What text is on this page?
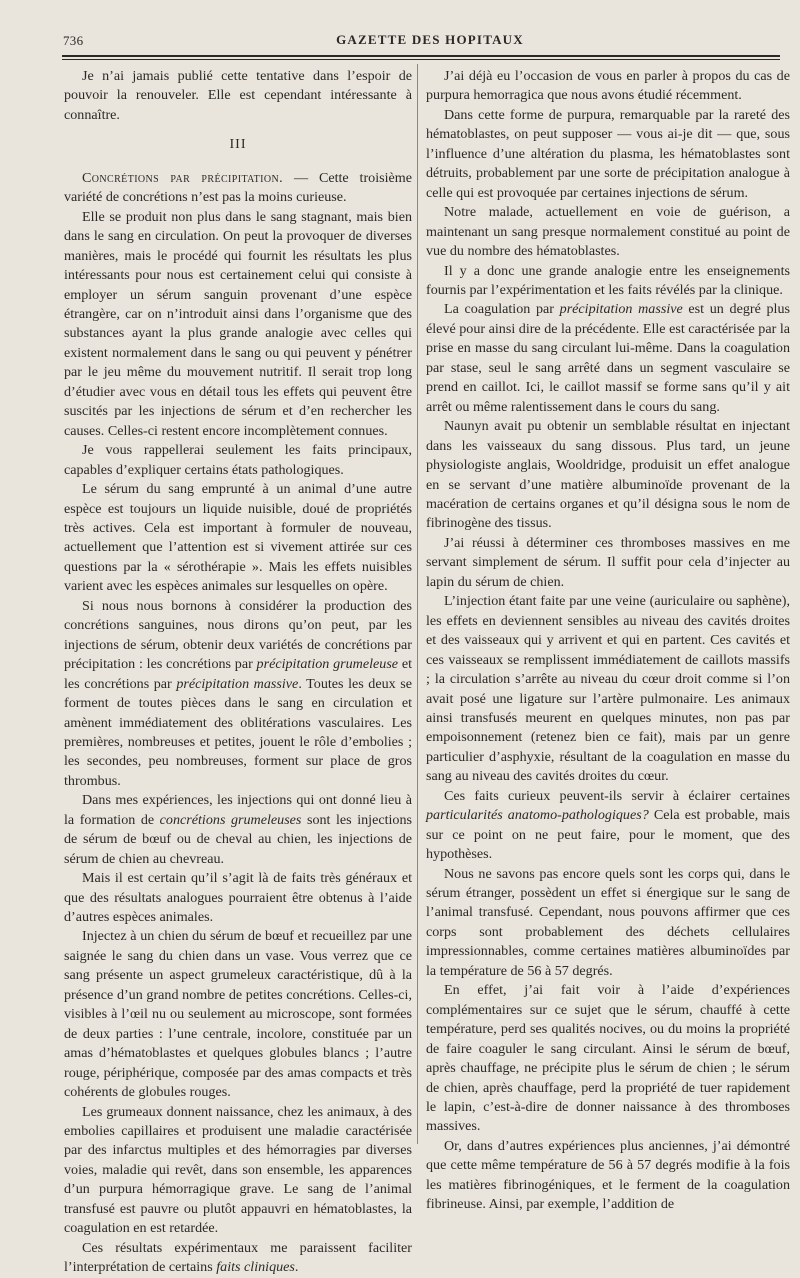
736	GAZETTE DES HOPITAUX

Je n’ai jamais publié cette tentative dans l’espoir de pouvoir la renouveler. Elle est cependant intéressante à connaître.

III

Concrétions par précipitation. — Cette troisième variété de concrétions n’est pas la moins curieuse.

Elle se produit non plus dans le sang stagnant, mais bien dans le sang en circulation. On peut la provoquer de diverses manières, mais le procédé qui fournit les résultats les plus intéressants pour nous est certainement celui qui consiste à employer un sérum sanguin provenant d’une espèce étrangère, car on n’introduit ainsi dans l’organisme que des substances ayant la plus grande analogie avec celles qui existent normalement dans le sang ou qui peuvent y pénétrer par le jeu même du mouvement nutritif. Il serait trop long d’étudier avec vous en détail tous les effets qui peuvent être suscités par les injections de sérum et d’en rechercher les causes. Celles-ci restent encore incomplètement connues.

Je vous rappellerai seulement les faits principaux, capables d’expliquer certains états pathologiques.

Le sérum du sang emprunté à un animal d’une autre espèce est toujours un liquide nuisible, doué de propriétés très actives. Cela est important à formuler de nouveau, actuellement que l’attention est si vivement attirée sur ces questions par la « sérothérapie ». Mais les effets nuisibles varient avec les espèces animales sur lesquelles on opère.

Si nous nous bornons à considérer la production des concrétions sanguines, nous dirons qu’on peut, par les injections de sérum, obtenir deux variétés de concrétions par précipitation : les concrétions par précipitation grumeleuse et les concrétions par précipitation massive. Toutes les deux se forment de toutes pièces dans le sang en circulation et amènent immédiatement des oblitérations vasculaires. Les premières, nombreuses et petites, jouent le rôle d’embolies ; les secondes, peu nombreuses, forment sur place de gros thrombus.

Dans mes expériences, les injections qui ont donné lieu à la formation de concrétions grumeleuses sont les injections de sérum de bœuf ou de cheval au chien, les injections de sérum de chien au chevreau.

Mais il est certain qu’il s’agit là de faits très généraux et que des résultats analogues pourraient être obtenus à l’aide d’autres espèces animales.

Injectez à un chien du sérum de bœuf et recueillez par une saignée le sang du chien dans un vase. Vous verrez que ce sang présente un aspect grumeleux caractéristique, dû à la présence d’un grand nombre de petites concrétions. Celles-ci, visibles à l’œil nu ou seulement au microscope, sont formées de deux parties : l’une centrale, incolore, constituée par un amas d’hématoblastes et quelques globules blancs ; l’autre rouge, périphérique, composée par des amas compacts et très cohérents de globules rouges.

Les grumeaux donnent naissance, chez les animaux, à des embolies capillaires et produisent une maladie caractérisée par des infarctus multiples et des hémorragies par diverses voies, maladie qui revêt, dans son ensemble, les apparences d’un purpura hémorragique grave. Le sang de l’animal transfusé est pauvre ou plutôt appauvri en hématoblastes, la coagulation en est retardée.

Ces résultats expérimentaux me paraissent faciliter l’interprétation de certains faits cliniques.

J’ai déjà eu l’occasion de vous en parler à propos du cas de purpura hemorragica que nous avons étudié récemment.

Dans cette forme de purpura, remarquable par la rareté des hématoblastes, on peut supposer — vous ai-je dit — que, sous l’influence d’une altération du plasma, les hématoblastes sont détruits, probablement par une sorte de précipitation analogue à celle qui est provoquée par certaines injections de sérum.

Notre malade, actuellement en voie de guérison, a maintenant un sang presque normalement constitué au point de vue du nombre des hématoblastes.

Il y a donc une grande analogie entre les enseignements fournis par l’expérimentation et les faits révélés par la clinique.

La coagulation par précipitation massive est un degré plus élevé pour ainsi dire de la précédente. Elle est caractérisée par la prise en masse du sang circulant lui-même. Dans la coagulation par stase, seul le sang arrêté dans un segment vasculaire se prend en caillot. Ici, le caillot massif se forme sans qu’il y ait arrêt ou même ralentissement dans le cours du sang.

Naunyn avait pu obtenir un semblable résultat en injectant dans les vaisseaux du sang dissous. Plus tard, un jeune physiologiste anglais, Wooldridge, produisit un effet analogue en se servant d’une matière albuminoïde provenant de la macération de certains organes et qu’il désigna sous le nom de fibrinogène des tissus.

J’ai réussi à déterminer ces thromboses massives en me servant simplement de sérum. Il suffit pour cela d’injecter au lapin du sérum de chien.

L’injection étant faite par une veine (auriculaire ou saphène), les effets en deviennent sensibles au niveau des cavités droites et des vaisseaux qui y arrivent et qui en partent. Ces cavités et ces vaisseaux se remplissent immédiatement de caillots massifs ; la circulation s’arrête au niveau du cœur droit comme si l’on avait posé une ligature sur l’artère pulmonaire. Les animaux ainsi transfusés meurent en quelques minutes, non pas par empoisonnement (retenez bien ce fait), mais par un genre particulier d’asphyxie, résultant de la coagulation en masse du sang au niveau des cavités droites du cœur.

Ces faits curieux peuvent-ils servir à éclairer certaines particularités anatomo-pathologiques? Cela est probable, mais sur ce point on ne peut faire, pour le moment, que des hypothèses.

Nous ne savons pas encore quels sont les corps qui, dans le sérum étranger, possèdent un effet si énergique sur le sang de l’animal transfusé. Cependant, nous pouvons affirmer que ces corps sont probablement des déchets cellulaires impressionnables, comme certaines matières albuminoïdes par la température de 56 à 57 degrés.

En effet, j’ai fait voir à l’aide d’expériences complémentaires sur ce sujet que le sérum, chauffé à cette température, perd ses qualités nocives, ou du moins la propriété de faire coaguler le sang circulant. Ainsi le sérum de bœuf, après chauffage, ne précipite plus le sérum de chien ; le sérum de chien, après chauffage, perd la propriété de tuer rapidement le lapin, c’est-à-dire de donner naissance à des thromboses massives.

Or, dans d’autres expériences plus anciennes, j’ai démontré que cette même température de 56 à 57 degrés modifie à la fois les matières fibrinogéniques, et le ferment de la coagulation fibrineuse. Ainsi, par exemple, l’addition de
